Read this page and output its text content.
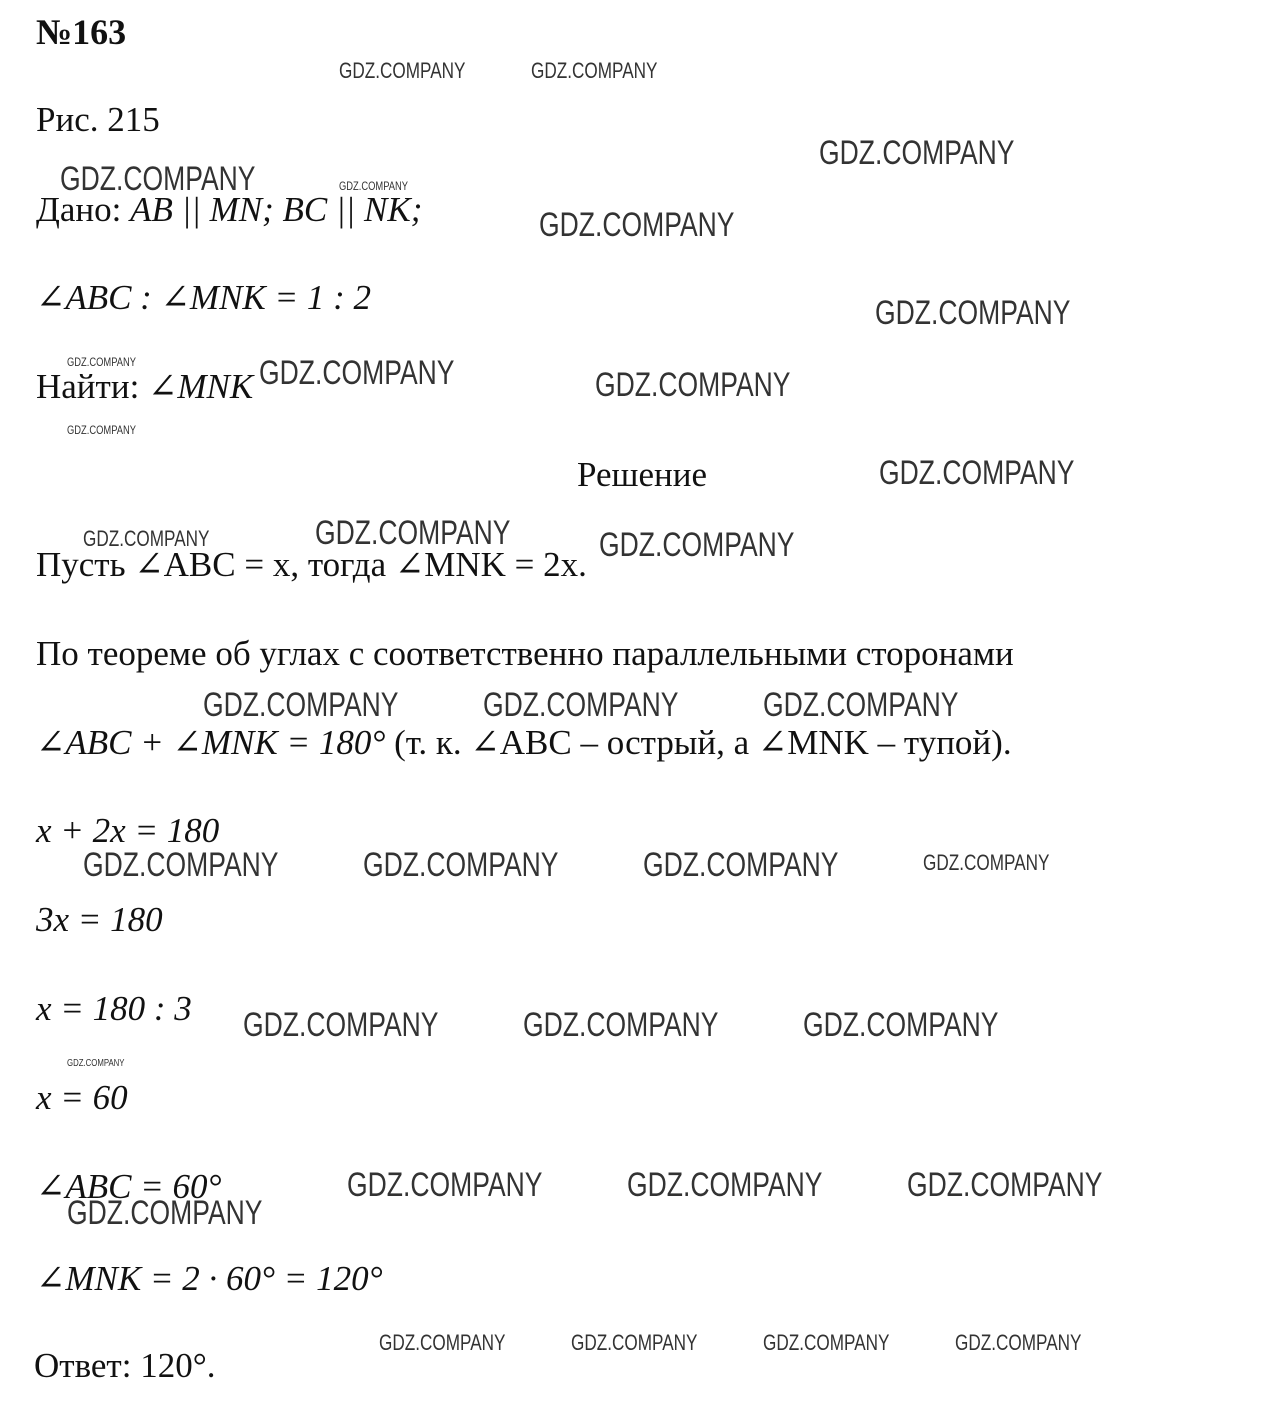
№163
Рис. 215
Дано: AB || MN; BC || NK;
∠ABC : ∠MNK = 1 : 2
Найти: ∠MNK
Решение
Пусть ∠ABC = x, тогда ∠MNK = 2x.
По теореме об углах с соответственно параллельными сторонами
∠ABC + ∠MNK = 180° (т. к. ∠ABC – острый, а ∠MNK – тупой).
x + 2x = 180
3x = 180
x = 180 : 3
x = 60
∠ABC = 60°
∠MNK = 2 · 60° = 120°
Ответ: 120°.
GDZ.COMPANY	GDZ.COMPANY
GDZ.COMPANY
GDZ.COMPANY	GDZ.COMPANY
GDZ.COMPANY
GDZ.COMPANY
GDZ.COMPANY	GDZ.COMPANY	GDZ.COMPANY
GDZ.COMPANY
GDZ.COMPANY
GDZ.COMPANY	GDZ.COMPANY	GDZ.COMPANY
GDZ.COMPANY GDZ.COMPANY GDZ.COMPANY
GDZ.COMPANY GDZ.COMPANY GDZ.COMPANY	GDZ.COMPANY
GDZ.COMPANY GDZ.COMPANY GDZ.COMPANY
GDZ.COMPANY
GDZ.COMPANY GDZ.COMPANY GDZ.COMPANY
GDZ.COMPANY
GDZ.COMPANY	GDZ.COMPANY	GDZ.COMPANY	GDZ.COMPANY
